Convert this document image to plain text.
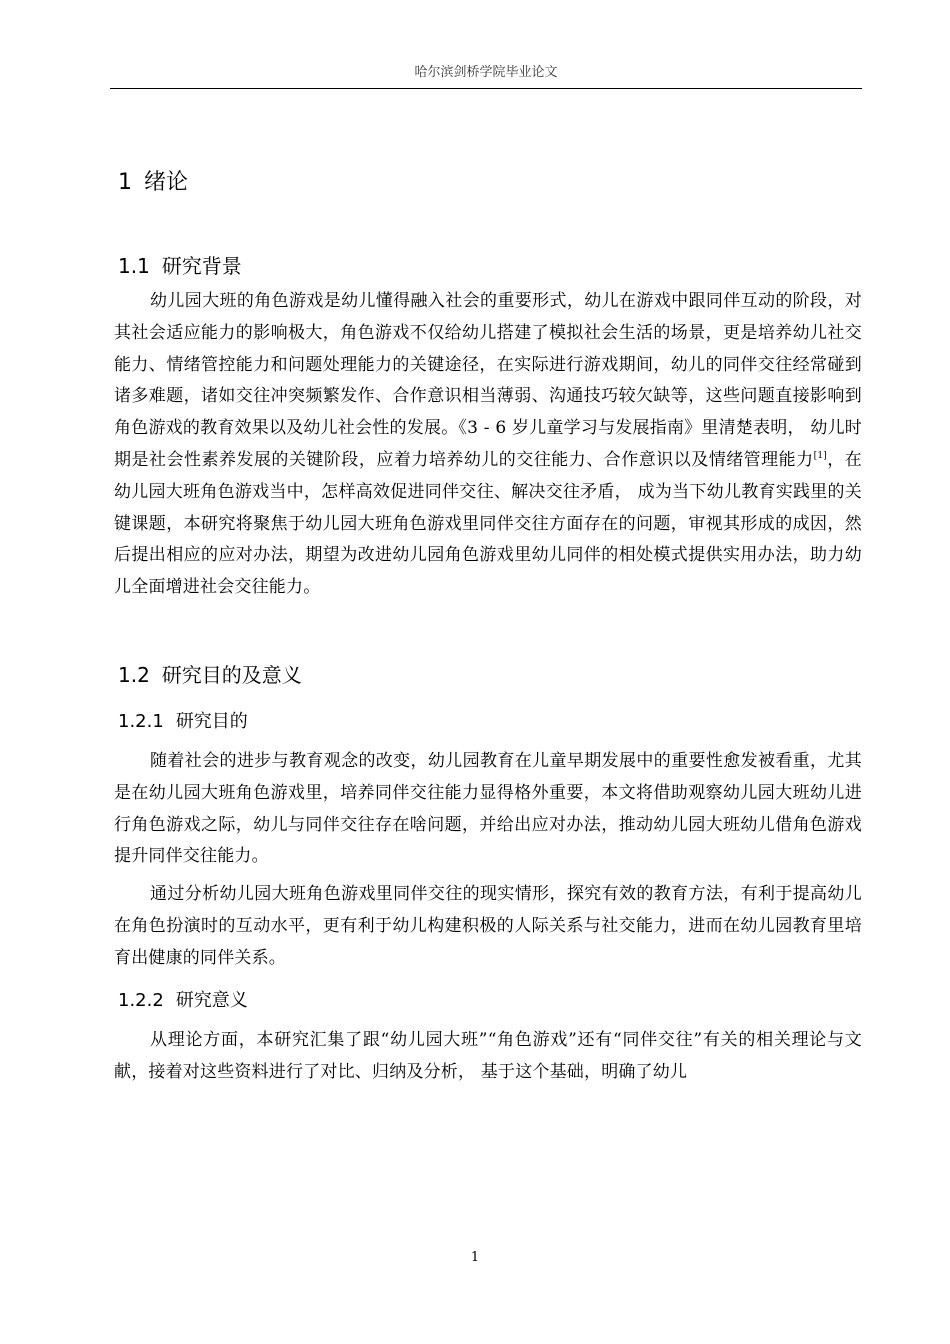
哈尔滨剑桥学院毕业论文
1 绪论
1.1 研究背景

幼儿园大班的角色游戏是幼儿懂得融入社会的重要形式，幼儿在游戏中跟同伴互动的阶段，对其社会适应能力的影响极大，角色游戏不仅给幼儿搭建了模拟社会生活的场景，更是培养幼儿社交能力、情绪管控能力和问题处理能力的关键途径，在实际进行游戏期间，幼儿的同伴交往经常碰到诸多难题，诸如交往冲突频繁发作、合作意识相当薄弱、沟通技巧较欠缺等，这些问题直接影响到角色游戏的教育效果以及幼儿社会性的发展。《3 - 6 岁儿童学习与发展指南》里清楚表明， 幼儿时期是社会性素养发展的关键阶段，应着力培养幼儿的交往能力、合作意识以及情绪管理能力[1]，在幼儿园大班角色游戏当中，怎样高效促进同伴交往、解决交往矛盾， 成为当下幼儿教育实践里的关键课题，本研究将聚焦于幼儿园大班角色游戏里同伴交往方面存在的问题，审视其形成的成因，然后提出相应的应对办法，期望为改进幼儿园角色游戏里幼儿同伴的相处模式提供实用办法，助力幼儿全面增进社会交往能力。

1.2 研究目的及意义
1.2.1 研究目的

随着社会的进步与教育观念的改变，幼儿园教育在儿童早期发展中的重要性愈发被看重，尤其是在幼儿园大班角色游戏里，培养同伴交往能力显得格外重要，本文将借助观察幼儿园大班幼儿进行角色游戏之际，幼儿与同伴交往存在啥问题，并给出应对办法，推动幼儿园大班幼儿借角色游戏提升同伴交往能力。

通过分析幼儿园大班角色游戏里同伴交往的现实情形，探究有效的教育方法，有利于提高幼儿在角色扮演时的互动水平，更有利于幼儿构建积极的人际关系与社交能力，进而在幼儿园教育里培育出健康的同伴关系。

1.2.2 研究意义

从理论方面，本研究汇集了跟“幼儿园大班”“角色游戏”还有“同伴交往”有关的相关理论与文献，接着对这些资料进行了对比、归纳及分析， 基于这个基础，明确了幼儿

1
